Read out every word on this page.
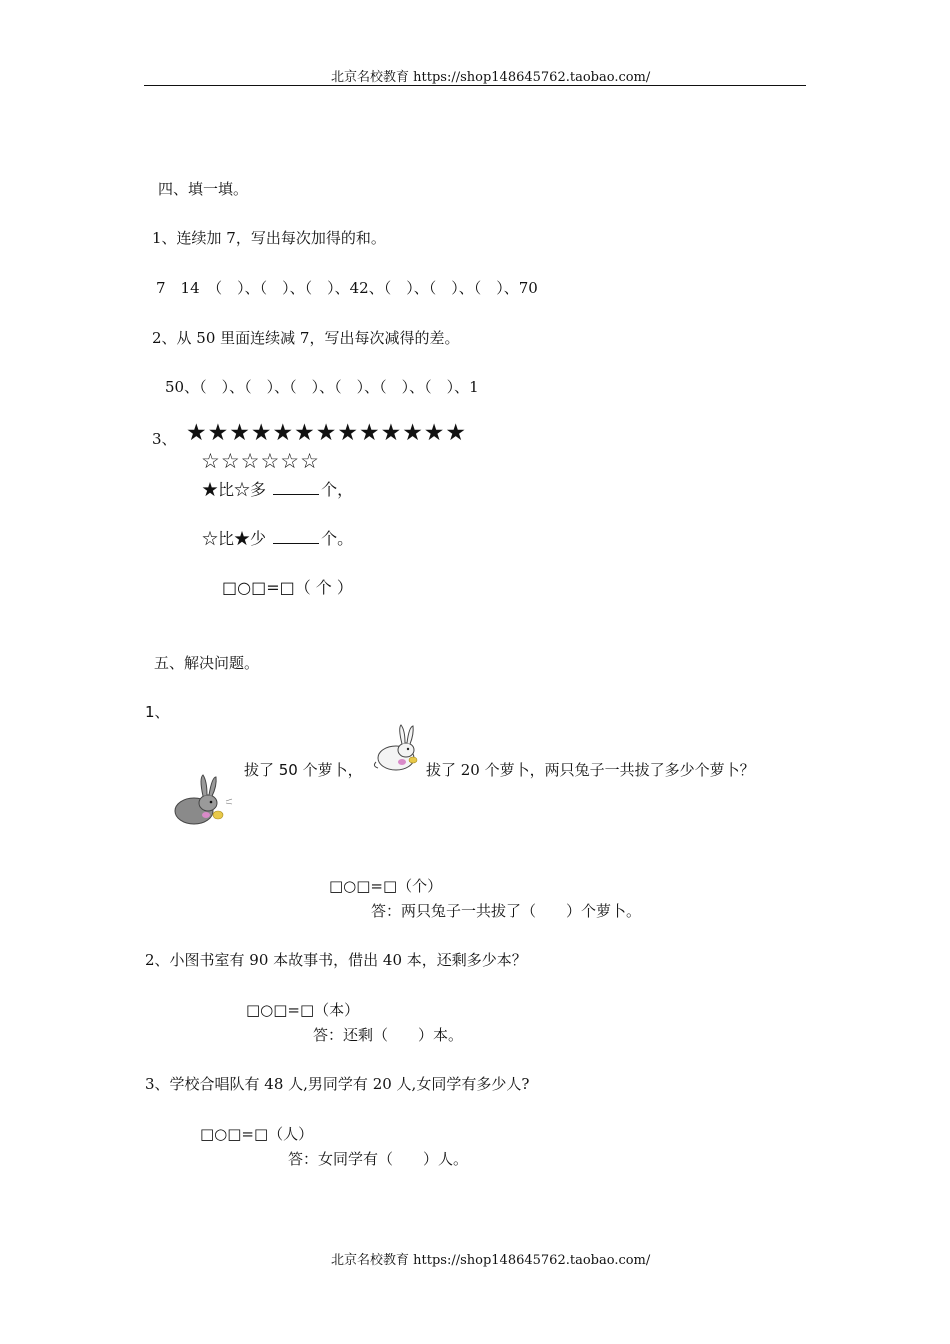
北京名校教育 https://shop148645762.taobao.com/
四、填一填。
1、连续加 7，写出每次加得的和。
7　14　（　）、（　）、（　）、42、（　）、（　）、（　）、70
2、从 50 里面连续减 7，写出每次减得的差。
50、（　）、（　）、（　）、（　）、（　）、（　）、1
3、 ★★★★★★★★★★★★★
☆☆☆☆☆☆
★比☆多	个，
☆比★少	个。
□○□=□（ 个 ）
五、解决问题。
1、
拔了 50 个萝卜，	拔了 20 个萝卜，两只兔子一共拔了多少个萝卜？
□○□=□（个）
答：两只兔子一共拔了（　　）个萝卜。
2、小图书室有 90 本故事书，借出 40 本，还剩多少本？
□○□=□（本）
答：还剩（　　）本。
3、学校合唱队有 48 人,男同学有 20 人,女同学有多少人?
□○□=□（人）
答：女同学有（　　）人。
北京名校教育 https://shop148645762.taobao.com/
